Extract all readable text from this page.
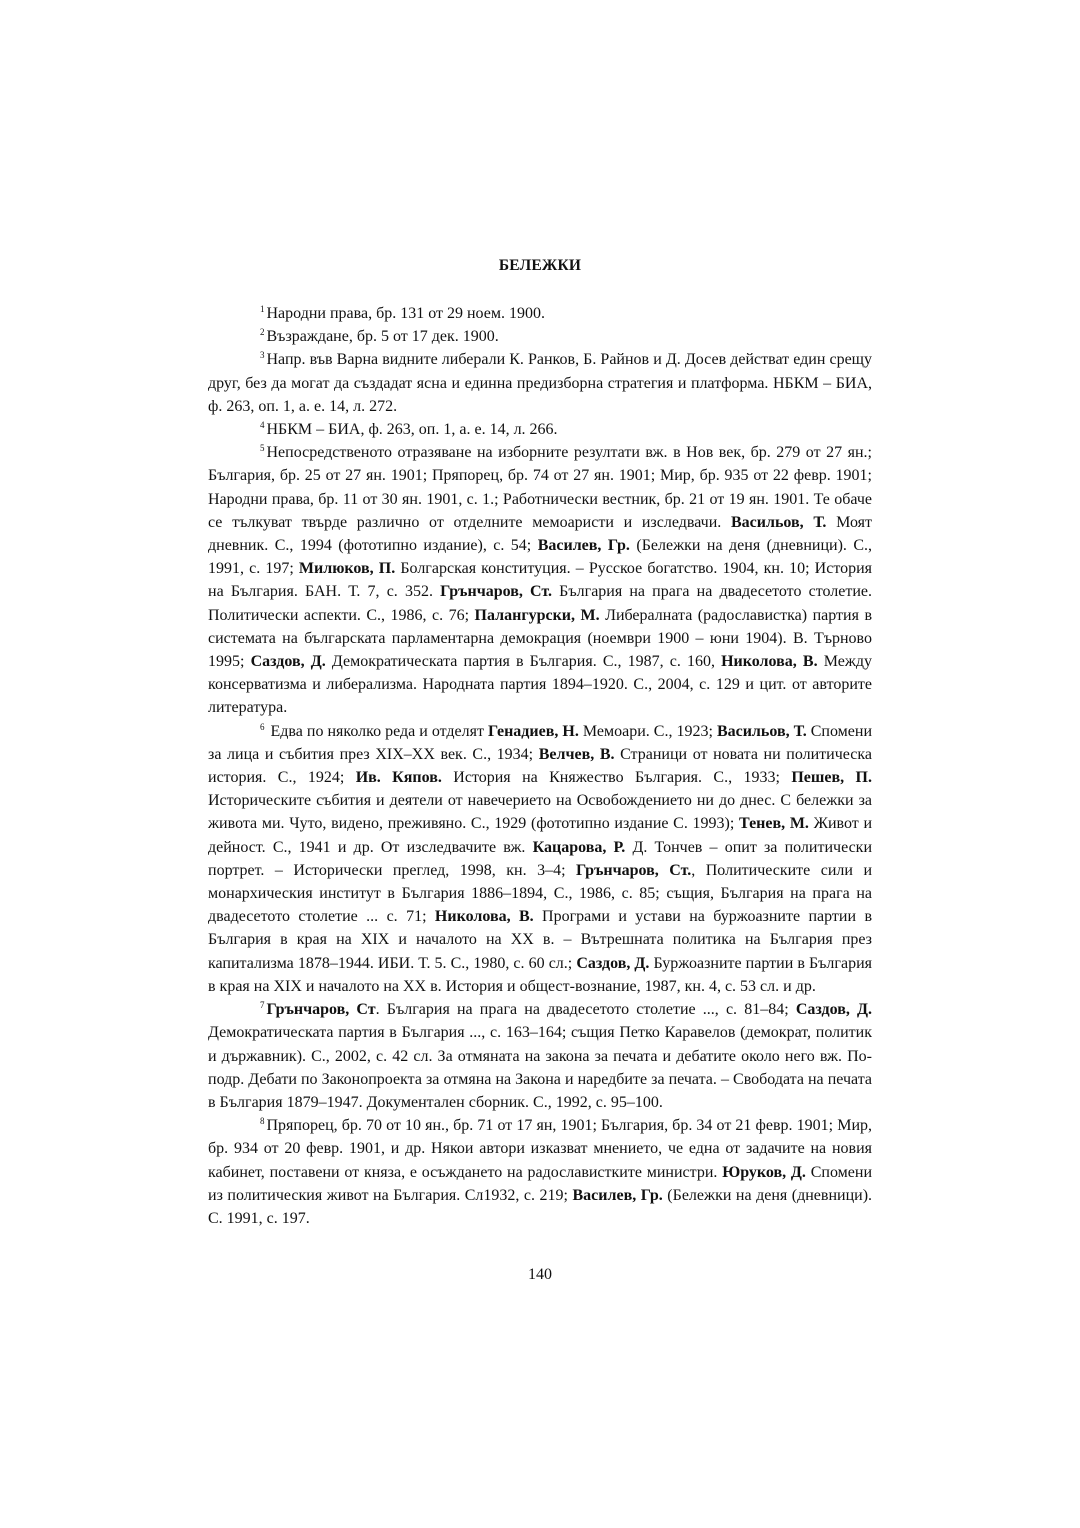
БЕЛЕЖКИ

$^1$ Народни права, бр. 131 от 29 ноем. 1900.

$^2$ Възраждане, бр. 5 от 17 дек. 1900.

$^3$ Напр. във Варна видните либерали К. Ранков, Б. Райнов и Д. Досев действат един срещу друг, без да могат да създадат ясна и единна предизборна стратегия и платформа. НБКМ – БИА, ф. 263, оп. 1, а. е. 14, л. 272.

$^4$ НБКМ – БИА, ф. 263, оп. 1, а. е. 14, л. 266.

$^5$ Непосредственото отразяване на изборните резултати вж. в Нов век, бр. 279 от 27 ян.; България, бр. 25 от 27 ян. 1901; Пряпорец, бр. 74 от 27 ян. 1901; Мир, бр. 935 от 22 февр. 1901; Народни права, бр. 11 от 30 ян. 1901, с. 1.; Работнически вестник, бр. 21 от 19 ян. 1901. Те обаче се тълкуват твърде различно от отделните мемоаристи и изследвачи. Васильов, Т. Моят дневник. С., 1994 (фототипно издание), с. 54; Василев, Гр. (Бележки на деня (дневници). С., 1991, с. 197; Милюков, П. Болгарская конституция. – Русское богатство. 1904, кн. 10; История на България. БАН. Т. 7, с. 352. Грънчаров, Ст. България на прага на двадесетото столетие. Политически аспекти. С., 1986, с. 76; Палангурски, М. Либералната (радославистка) партия в системата на българската парламентарна демокрация (ноември 1900 – юни 1904). В. Търново 1995; Саздов, Д. Демократическата партия в България. С., 1987, с. 160, Николова, В. Между консерватизма и либерализма. Народната партия 1894–1920. С., 2004, с. 129 и цит. от авторите литература.

$^6$ Едва по няколко реда и отделят Генадиев, Н. Мемоари. С., 1923; Васильов, Т. Спомени за лица и събития през XIX–XX век. С., 1934; Велчев, В. Страници от новата ни политическа история. С., 1924; Ив. Кяпов. История на Княжество България. С., 1933; Пешев, П. Историческите събития и деятели от навечерието на Освобождението ни до днес. С бележки за живота ми. Чуто, видено, преживяно. С., 1929 (фототипно издание С. 1993); Тенев, М. Живот и дейност. С., 1941 и др. От изследвачите вж. Кацарова, Р. Д. Тончев – опит за политически портрет. – Исторически преглед, 1998, кн. 3–4; Грънчаров, Ст., Политическите сили и монархическия институт в България 1886–1894, С., 1986, с. 85; същия, България на прага на двадесетото столетие ... с. 71; Николова, В. Програми и устави на буржоазните партии в България в края на XIX и началото на XX в. – Вътрешната политика на България през капитализма 1878–1944. ИБИ. Т. 5. С., 1980, с. 60 сл.; Саздов, Д. Буржоазните партии в България в края на XIX и началото на XX в. История и общест-вознание, 1987, кн. 4, с. 53 сл. и др.

$^7$ Грънчаров, Ст. България на прага на двадесетото столетие ..., с. 81–84; Саздов, Д. Демократическата партия в България ..., с. 163–164; същия Петко Каравелов (демократ, политик и държавник). С., 2002, с. 42 сл. За отмяната на закона за печата и дебатите около него вж. По-подр. Дебати по Законопроекта за отмяна на Закона и наредбите за печата. – Свободата на печата в България 1879–1947. Документален сборник. С., 1992, с. 95–100.

$^8$ Пряпорец, бр. 70 от 10 ян., бр. 71 от 17 ян, 1901; България, бр. 34 от 21 февр. 1901; Мир, бр. 934 от 20 февр. 1901, и др. Някои автори изказват мнението, че една от задачите на новия кабинет, поставени от княза, е осъждането на радославистките министри. Юруков, Д. Спомени из политическия живот на България. Сл1932, с. 219; Василев, Гр. (Бележки на деня (дневници). С. 1991, с. 197.

140
